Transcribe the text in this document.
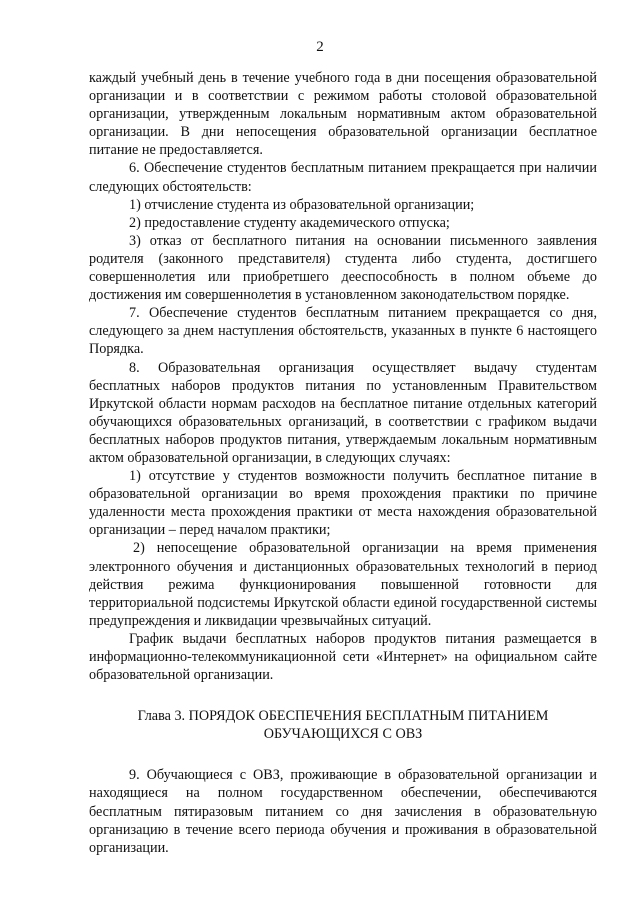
2

каждый учебный день в течение учебного года в дни посещения образовательной организации и в соответствии с режимом работы столовой образовательной организации, утвержденным локальным нормативным актом образовательной организации. В дни непосещения образовательной организации бесплатное питание не предоставляется.

6. Обеспечение студентов бесплатным питанием прекращается при наличии следующих обстоятельств:

1) отчисление студента из образовательной организации;

2) предоставление студенту академического отпуска;

3) отказ от бесплатного питания на основании письменного заявления родителя (законного представителя) студента либо студента, достигшего совершеннолетия или приобретшего дееспособность в полном объеме до достижения им совершеннолетия в установленном законодательством порядке.

7. Обеспечение студентов бесплатным питанием прекращается со дня, следующего за днем наступления обстоятельств, указанных в пункте 6 настоящего Порядка.

8. Образовательная организация осуществляет выдачу студентам бесплатных наборов продуктов питания по установленным Правительством Иркутской области нормам расходов на бесплатное питание отдельных категорий обучающихся образовательных организаций, в соответствии с графиком выдачи бесплатных наборов продуктов питания, утверждаемым локальным нормативным актом образовательной организации, в следующих случаях:

1) отсутствие у студентов возможности получить бесплатное питание в образовательной организации во время прохождения практики по причине удаленности места прохождения практики от места нахождения образовательной организации – перед началом практики;

2) непосещение образовательной организации на время применения электронного обучения и дистанционных образовательных технологий в период действия режима функционирования повышенной готовности для территориальной подсистемы Иркутской области единой государственной системы предупреждения и ликвидации чрезвычайных ситуаций.

График выдачи бесплатных наборов продуктов питания размещается в информационно-телекоммуникационной сети «Интернет» на официальном сайте образовательной организации.

Глава 3. ПОРЯДОК ОБЕСПЕЧЕНИЯ БЕСПЛАТНЫМ ПИТАНИЕМ
ОБУЧАЮЩИХСЯ С ОВЗ

9. Обучающиеся с ОВЗ, проживающие в образовательной организации и находящиеся на полном государственном обеспечении, обеспечиваются бесплатным пятиразовым питанием со дня зачисления в образовательную организацию в течение всего периода обучения и проживания в образовательной организации.
